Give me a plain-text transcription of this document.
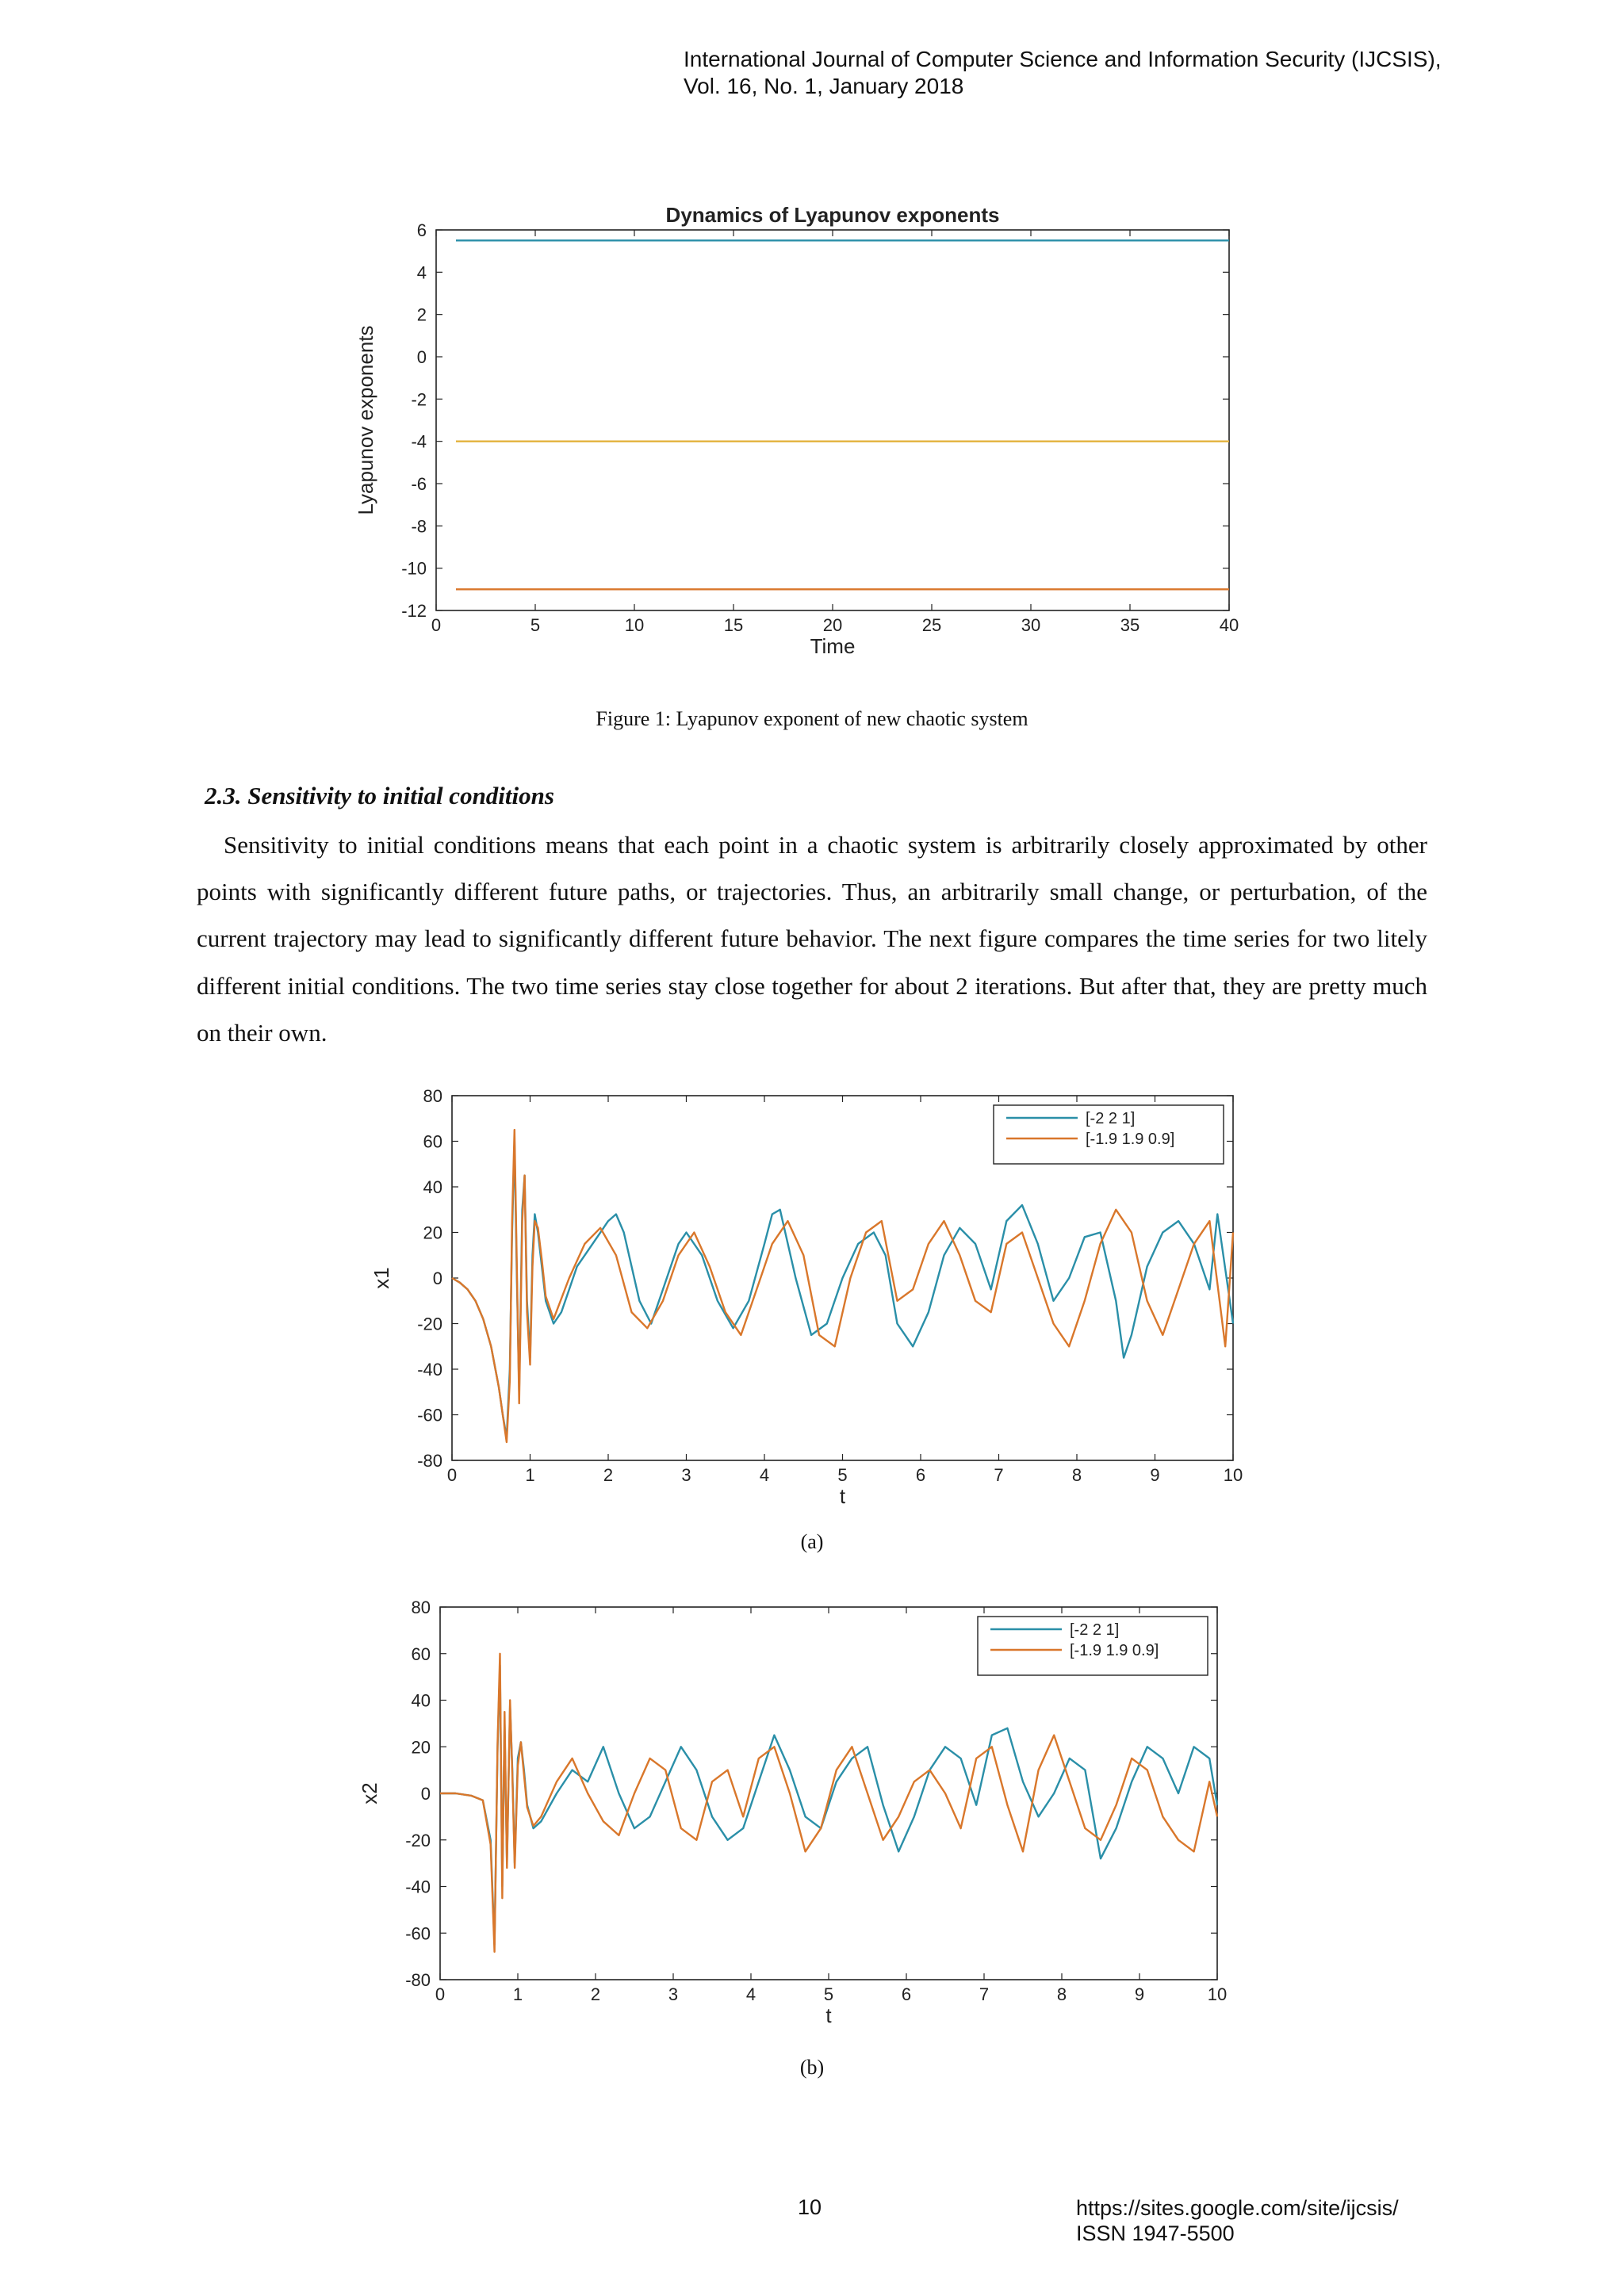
International Journal of Computer Science and Information Security (IJCSIS),
Vol. 16, No. 1, January 2018
Dynamics of Lyapunov exponents
0	5	10	15	20	25	30	35	40
6
4
2
0
-2
-4
-6
-8
-10
-12
Time
Lyapunov exponents
Figure 1: Lyapunov exponent of new chaotic system
2.3. Sensitivity to initial conditions

Sensitivity to initial conditions means that each point in a chaotic system is arbitrarily closely approximated by other points with significantly different future paths, or trajectories. Thus, an arbitrarily small change, or perturbation, of the current trajectory may lead to significantly different future behavior. The next figure compares the time series for two litely different initial conditions. The two time series stay close together for about 2 iterations. But after that, they are pretty much on their own.

0	1	2	3	4	5	6	7	8	9	10
80
60
40
20
0
-20
-40
-60
-80
t
x1
[-2 2 1]
[-1.9 1.9 0.9]
(a)
0	1	2	3	4	5	6	7	8	9	10
80
60
40
20
0
-20
-40
-60
-80
t
x2
[-2 2 1]
[-1.9 1.9 0.9]
(b)
10	https://sites.google.com/site/ijcsis/
ISSN 1947-5500
